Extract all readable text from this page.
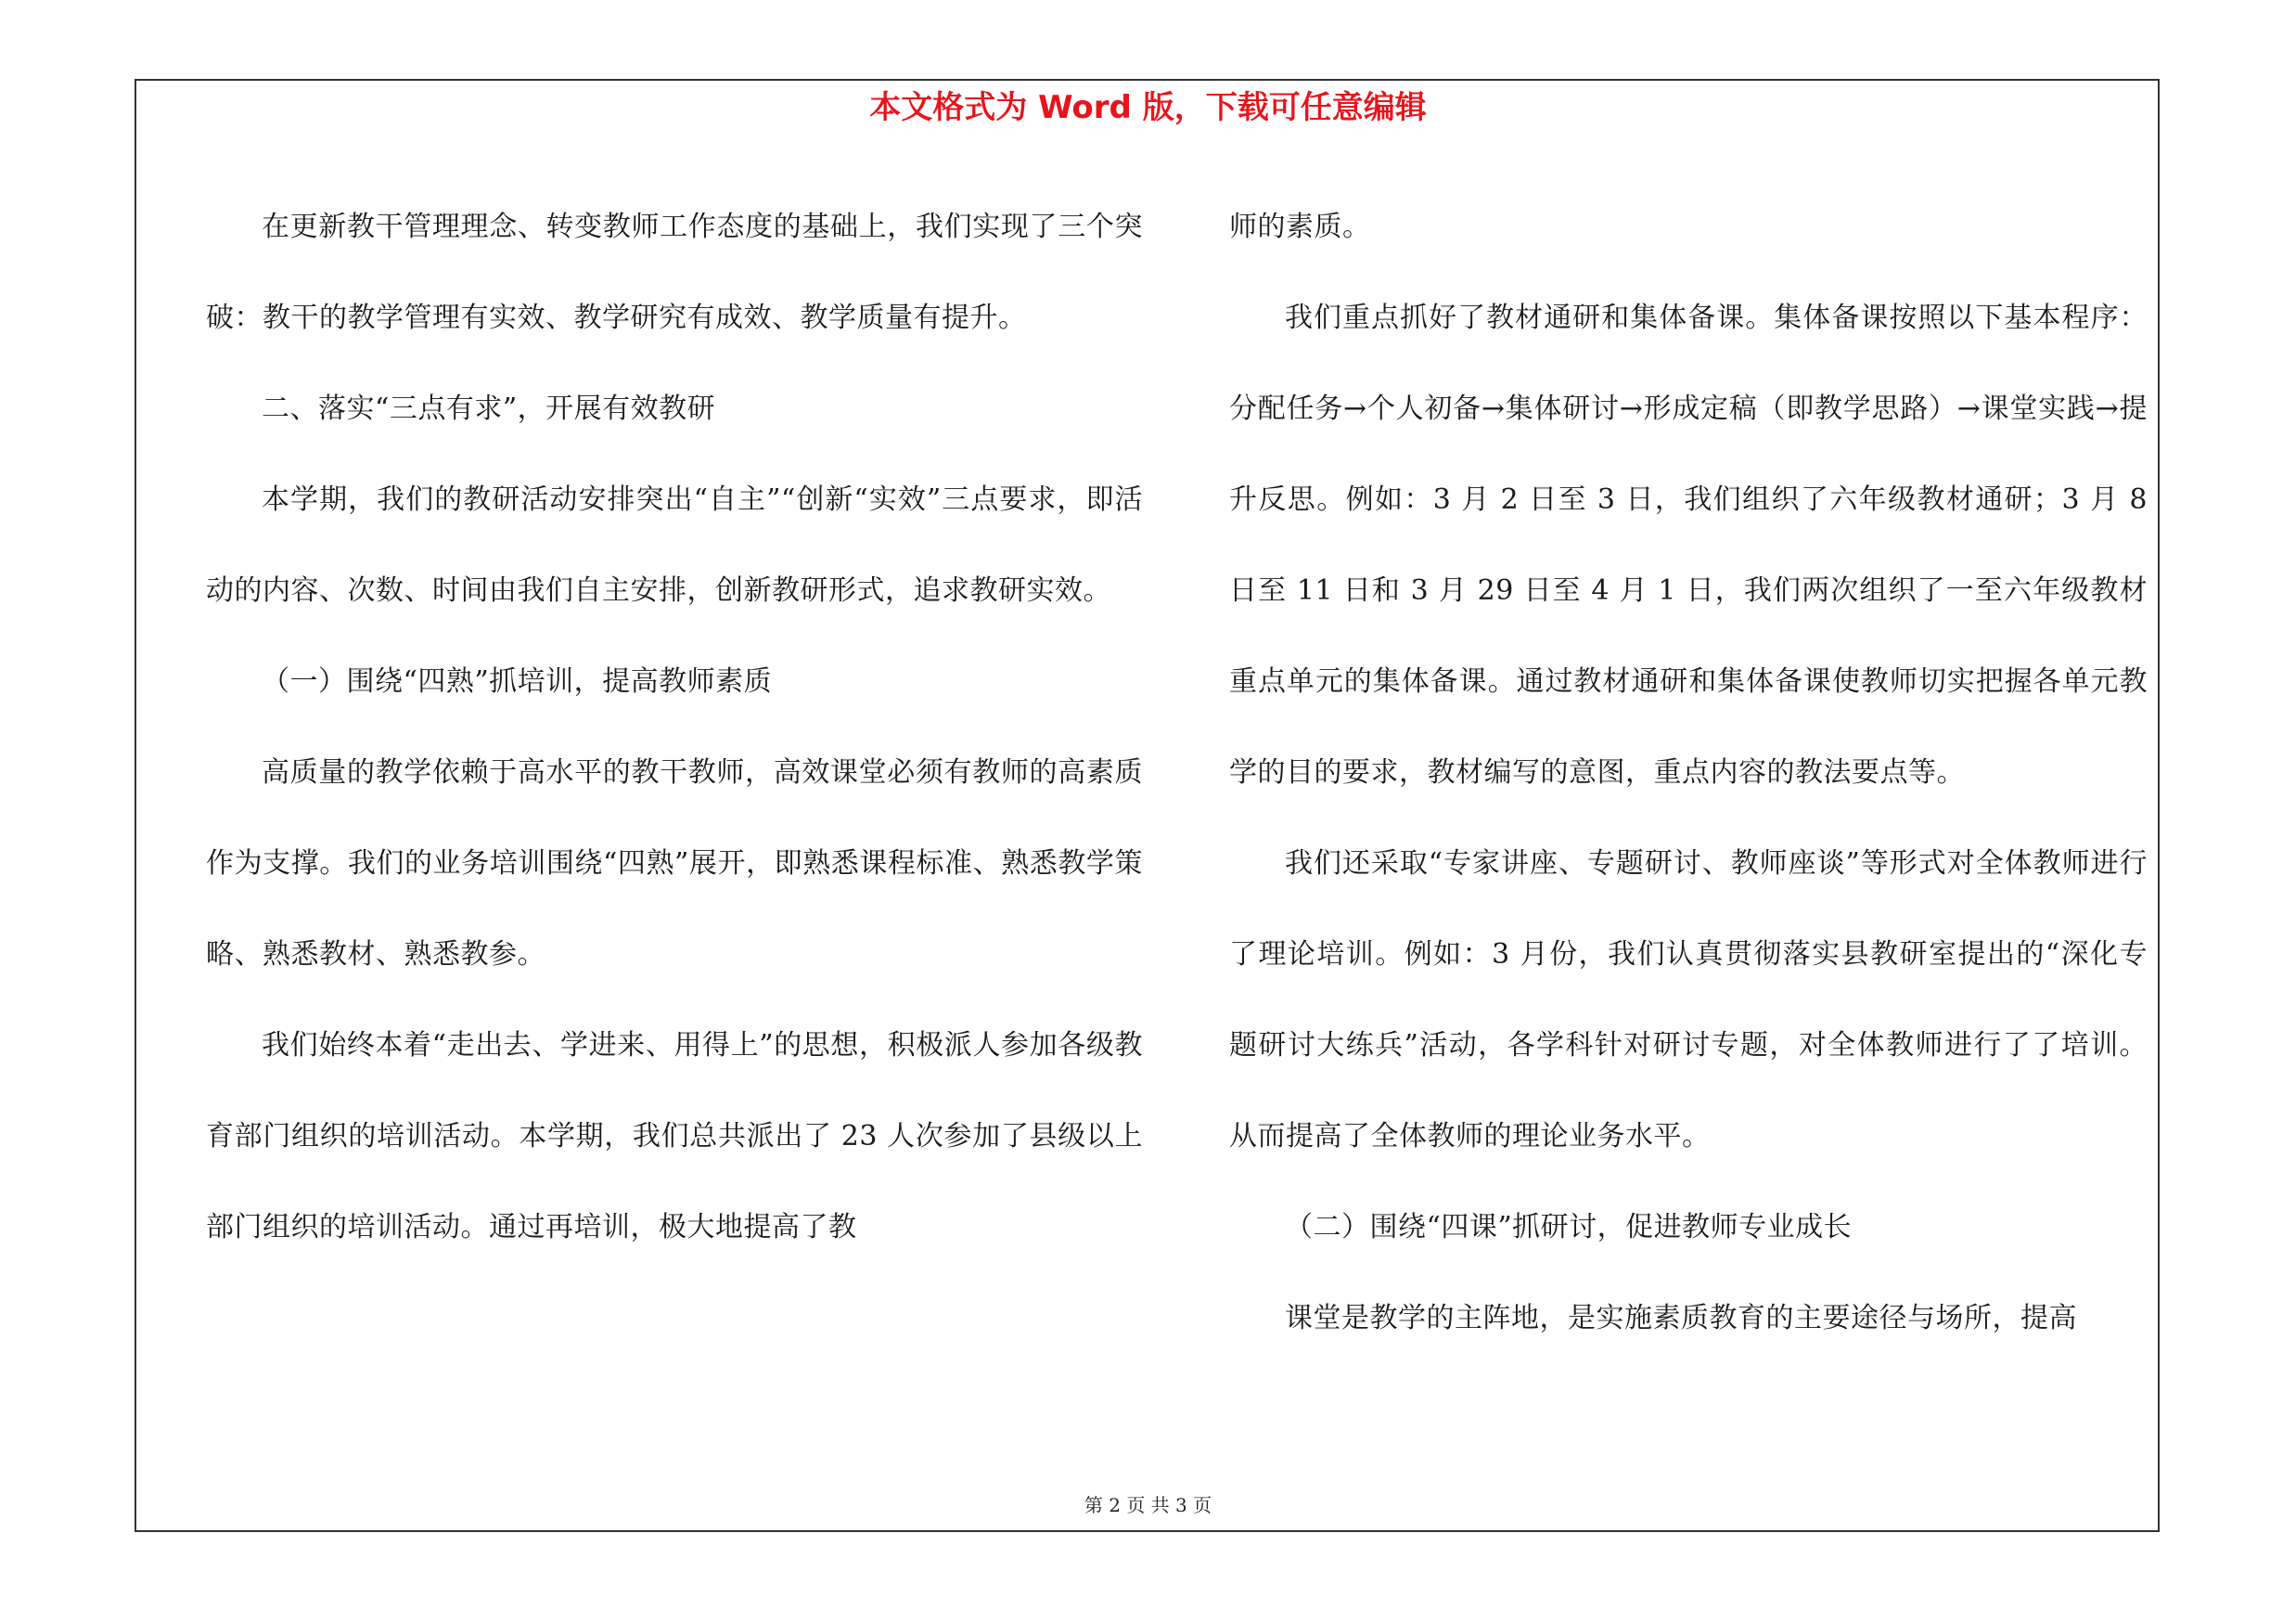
本文格式为 Word 版，下载可任意编辑

在更新教干管理理念、转变教师工作态度的基础上，我们实现了三个突破：教干的教学管理有实效、教学研究有成效、教学质量有提升。

二、落实“三点有求”，开展有效教研

本学期，我们的教研活动安排突出“自主”“创新“实效”三点要求，即活动的内容、次数、时间由我们自主安排，创新教研形式，追求教研实效。

（一）围绕“四熟”抓培训，提高教师素质

高质量的教学依赖于高水平的教干教师，高效课堂必须有教师的高素质作为支撑。我们的业务培训围绕“四熟”展开，即熟悉课程标准、熟悉教学策略、熟悉教材、熟悉教参。

我们始终本着“走出去、学进来、用得上”的思想，积极派人参加各级教育部门组织的培训活动。本学期，我们总共派出了 23 人次参加了县级以上部门组织的培训活动。通过再培训，极大地提高了教

师的素质。

我们重点抓好了教材通研和集体备课。集体备课按照以下基本程序：分配任务→个人初备→集体研讨→形成定稿（即教学思路）→课堂实践→提升反思。例如：3 月 2 日至 3 日，我们组织了六年级教材通研；3 月 8 日至 11 日和 3 月 29 日至 4 月 1 日，我们两次组织了一至六年级教材重点单元的集体备课。通过教材通研和集体备课使教师切实把握各单元教学的目的要求，教材编写的意图，重点内容的教法要点等。

我们还采取“专家讲座、专题研讨、教师座谈”等形式对全体教师进行了理论培训。例如：3 月份，我们认真贯彻落实县教研室提出的“深化专题研讨大练兵”活动，各学科针对研讨专题，对全体教师进行了了培训。从而提高了全体教师的理论业务水平。

（二）围绕“四课”抓研讨，促进教师专业成长

课堂是教学的主阵地，是实施素质教育的主要途径与场所，提高

第 2 页 共 3 页
